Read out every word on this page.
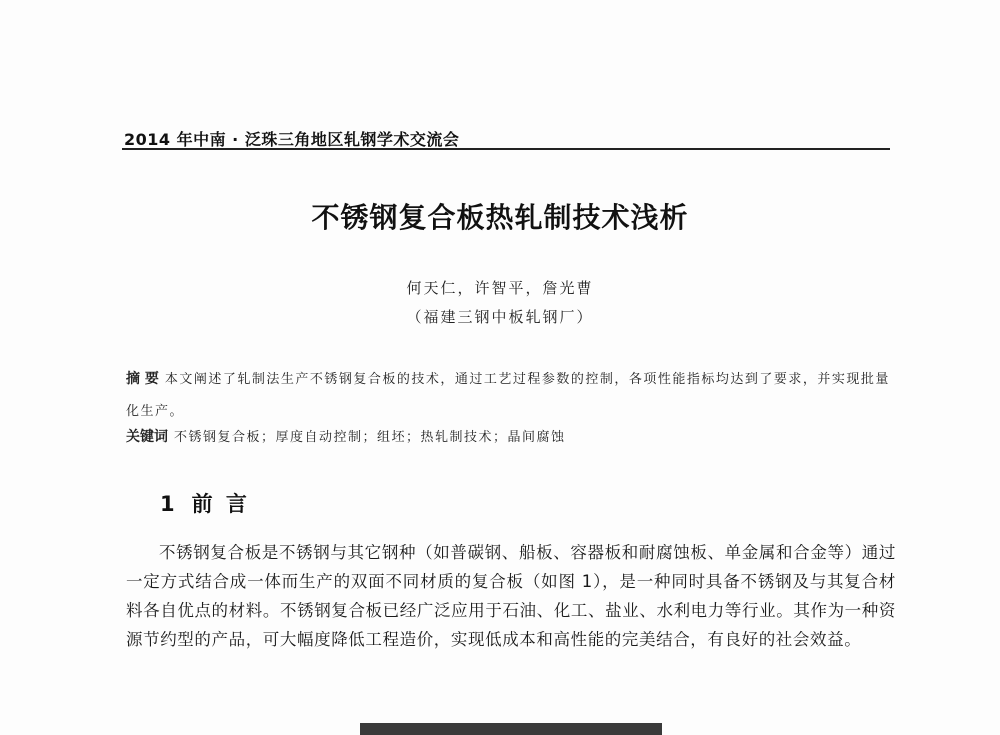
2014 年中南 · 泛珠三角地区轧钢学术交流会
不锈钢复合板热轧制技术浅析
何天仁，许智平，詹光曹
（福建三钢中板轧钢厂）

摘 要 本文阐述了轧制法生产不锈钢复合板的技术，通过工艺过程参数的控制，各项性能指标均达到了要求，并实现批量化生产。

关键词 不锈钢复合板；厚度自动控制；组坯；热轧制技术；晶间腐蚀

1 前 言

不锈钢复合板是不锈钢与其它钢种（如普碳钢、船板、容器板和耐腐蚀板、单金属和合金等）通过一定方式结合成一体而生产的双面不同材质的复合板（如图 1），是一种同时具备不锈钢及与其复合材料各自优点的材料。不锈钢复合板已经广泛应用于石油、化工、盐业、水利电力等行业。其作为一种资源节约型的产品，可大幅度降低工程造价，实现低成本和高性能的完美结合，有良好的社会效益。
